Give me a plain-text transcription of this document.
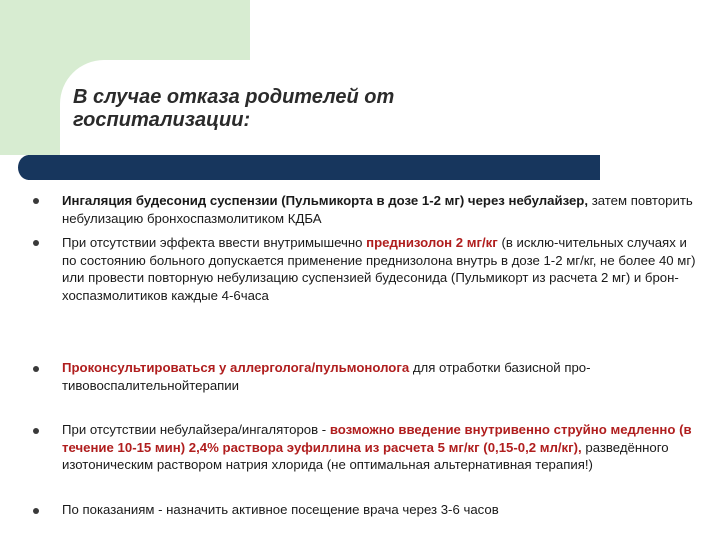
В случае отказа родителей от
госпитализации:

Ингаляция будесонид суспензии (Пульмикорта в дозе 1-2 мг) через небулайзер, затем повторить небулизацию бронхоспазмолитиком КДБА

При отсутствии эффекта ввести внутримышечно преднизолон 2 мг/кг (в исклю-чительных случаях и по состоянию больного допускается применение преднизолона внутрь в дозе 1-2 мг/кг, не более 40 мг) или провести повторную небулизацию суспензией будесонида (Пульмикорт из расчета 2 мг) и брон-хоспазмолитиков каждые 4-6часа

Проконсультироваться у аллерголога/пульмонолога для отработки базисной про-тивовоспалительнойтерапии

При отсутствии небулайзера/ингаляторов - возможно введение внутривенно струйно медленно (в течение 10-15 мин) 2,4% раствора эуфиллина из расчета 5 мг/кг (0,15-0,2 мл/кг), разведённого изотоническим раствором натрия хлорида (не оптимальная альтернативная терапия!)

По показаниям - назначить активное посещение врача через 3-6 часов
